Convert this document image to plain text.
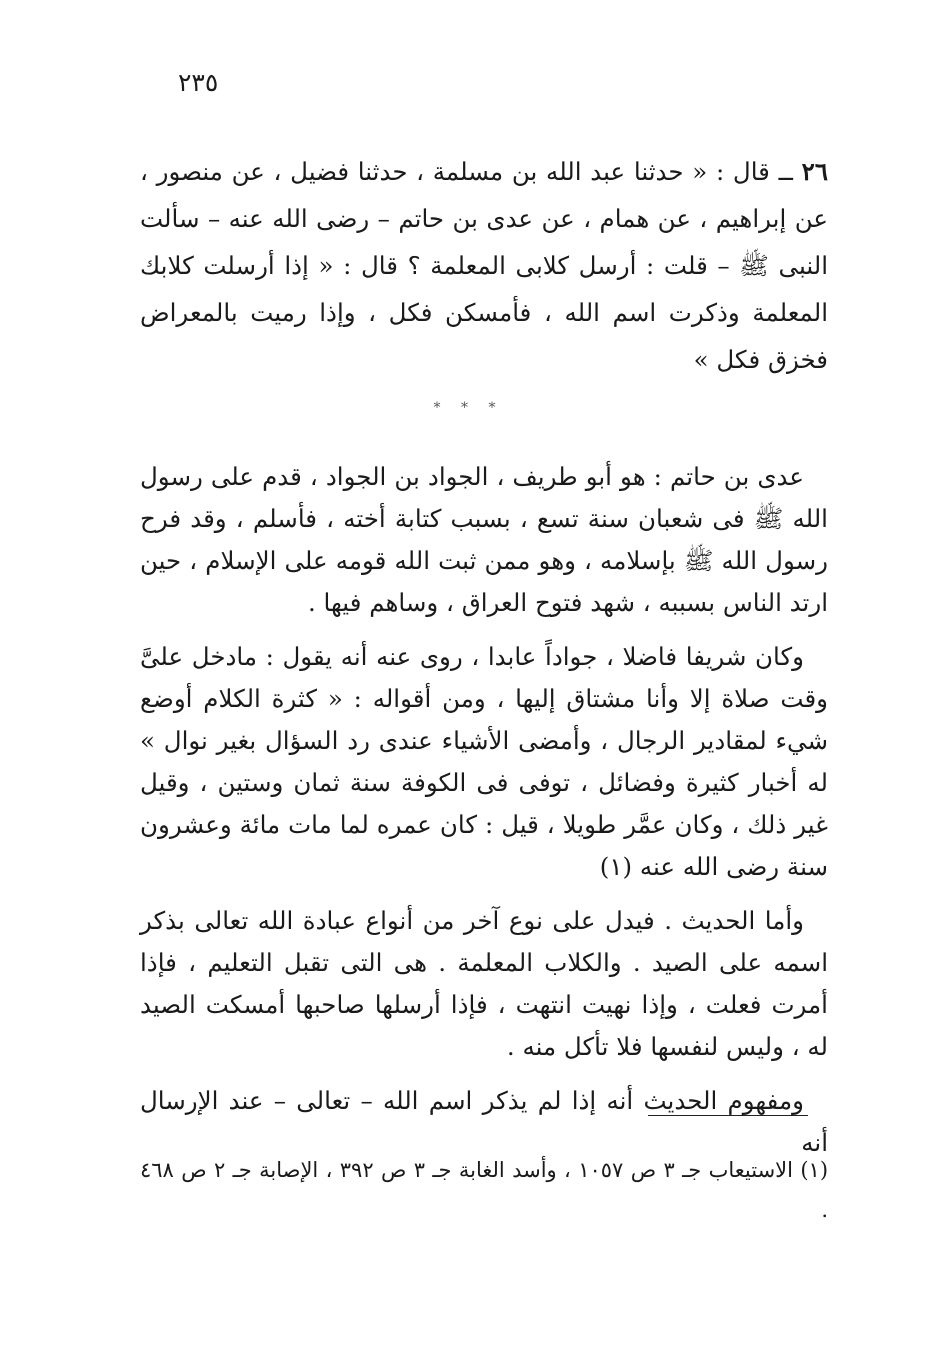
٢٣٥
٢٦ ــ قال : « حدثنا عبد الله بن مسلمة ، حدثنا فضيل ، عن منصور ، عن إبراهيم ، عن همام ، عن عدى بن حاتم – رضى الله عنه – سألت النبى ﷺ – قلت : أرسل كلابى المعلمة ؟ قال : « إذا أرسلت كلابك المعلمة وذكرت اسم الله ، فأمسكن فكل ، وإذا رميت بالمعراض فخزق فكل »
* * *

عدى بن حاتم : هو أبو طريف ، الجواد بن الجواد ، قدم على رسول الله ﷺ فى شعبان سنة تسع ، بسبب كتابة أخته ، فأسلم ، وقد فرح رسول الله ﷺ بإسلامه ، وهو ممن ثبت الله قومه على الإسلام ، حين ارتد الناس بسببه ، شهد فتوح العراق ، وساهم فيها .

وكان شريفا فاضلا ، جواداً عابدا ، روى عنه أنه يقول : مادخل علىَّ وقت صلاة إلا وأنا مشتاق إليها ، ومن أقواله : « كثرة الكلام أوضع شيء لمقادير الرجال ، وأمضى الأشياء عندى رد السؤال بغير نوال » له أخبار كثيرة وفضائل ، توفى فى الكوفة سنة ثمان وستين ، وقيل غير ذلك ، وكان عمَّر طويلا ، قيل : كان عمره لما مات مائة وعشرون سنة رضى الله عنه (١)

وأما الحديث . فيدل على نوع آخر من أنواع عبادة الله تعالى بذكر اسمه على الصيد . والكلاب المعلمة . هى التى تقبل التعليم ، فإذا أمرت فعلت ، وإذا نهيت انتهت ، فإذا أرسلها صاحبها أمسكت الصيد له ، وليس لنفسها فلا تأكل منه .

ومفهوم الحديث أنه إذا لم يذكر اسم الله – تعالى – عند الإرسال أنه

(١) الاستيعاب جـ ٣ ص ١٠٥٧ ، وأسد الغابة جـ ٣ ص ٣٩٢ ، الإصابة جـ ٢ ص ٤٦٨ .
